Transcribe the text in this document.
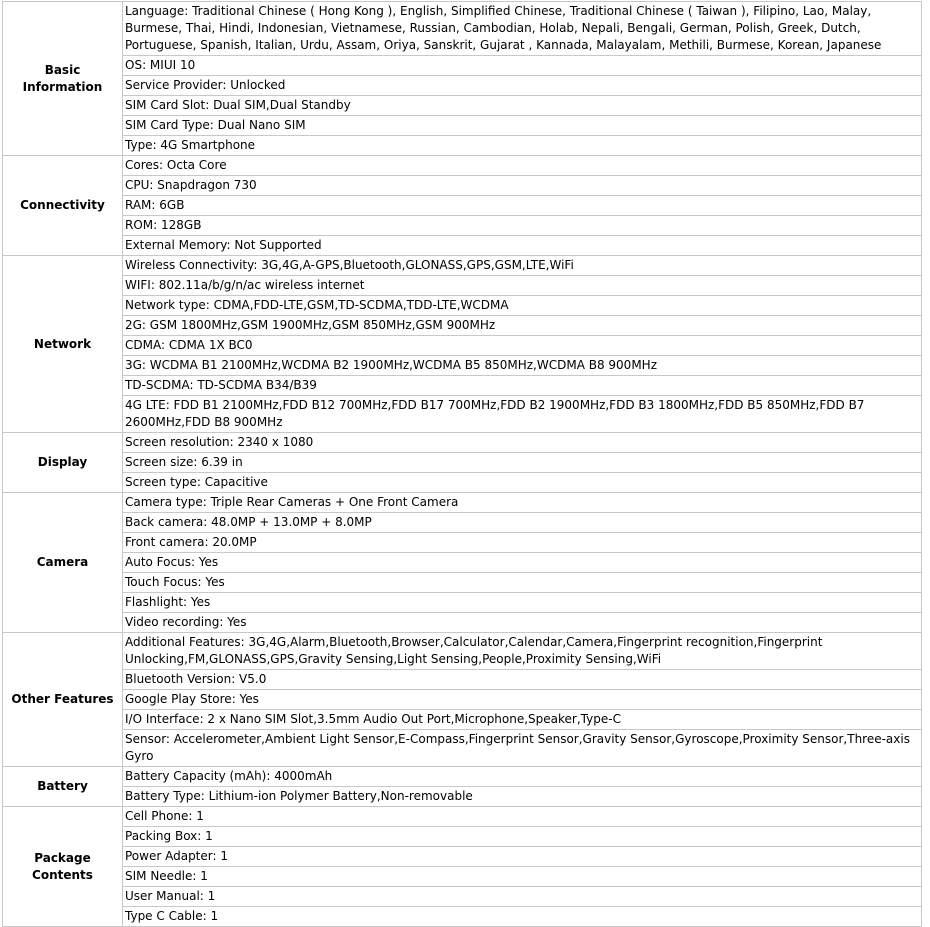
Basic Information	Language: Traditional Chinese ( Hong Kong ), English, Simplified Chinese, Traditional Chinese ( Taiwan ), Filipino, Lao, Malay, Burmese, Thai, Hindi, Indonesian, Vietnamese, Russian, Cambodian, Holab, Nepali, Bengali, German, Polish, Greek, Dutch, Portuguese, Spanish, Italian, Urdu, Assam, Oriya, Sanskrit, Gujarat , Kannada, Malayalam, Methili, Burmese, Korean, Japanese
	OS: MIUI 10
	Service Provider: Unlocked
	SIM Card Slot: Dual SIM,Dual Standby
	SIM Card Type: Dual Nano SIM
	Type: 4G Smartphone
Connectivity	Cores: Octa Core
	CPU: Snapdragon 730
	RAM: 6GB
	ROM: 128GB
	External Memory: Not Supported
Network	Wireless Connectivity: 3G,4G,A-GPS,Bluetooth,GLONASS,GPS,GSM,LTE,WiFi
	WIFI: 802.11a/b/g/n/ac wireless internet
	Network type: CDMA,FDD-LTE,GSM,TD-SCDMA,TDD-LTE,WCDMA
	2G: GSM 1800MHz,GSM 1900MHz,GSM 850MHz,GSM 900MHz
	CDMA: CDMA 1X BC0
	3G: WCDMA B1 2100MHz,WCDMA B2 1900MHz,WCDMA B5 850MHz,WCDMA B8 900MHz
	TD-SCDMA: TD-SCDMA B34/B39
	4G LTE: FDD B1 2100MHz,FDD B12 700MHz,FDD B17 700MHz,FDD B2 1900MHz,FDD B3 1800MHz,FDD B5 850MHz,FDD B7 2600MHz,FDD B8 900MHz
Display	Screen resolution: 2340 x 1080
	Screen size: 6.39 in
	Screen type: Capacitive
Camera	Camera type: Triple Rear Cameras + One Front Camera
	Back camera: 48.0MP + 13.0MP + 8.0MP
	Front camera: 20.0MP
	Auto Focus: Yes
	Touch Focus: Yes
	Flashlight: Yes
	Video recording: Yes
Other Features	Additional Features: 3G,4G,Alarm,Bluetooth,Browser,Calculator,Calendar,Camera,Fingerprint recognition,Fingerprint Unlocking,FM,GLONASS,GPS,Gravity Sensing,Light Sensing,People,Proximity Sensing,WiFi
	Bluetooth Version: V5.0
	Google Play Store: Yes
	I/O Interface: 2 x Nano SIM Slot,3.5mm Audio Out Port,Microphone,Speaker,Type-C
	Sensor: Accelerometer,Ambient Light Sensor,E-Compass,Fingerprint Sensor,Gravity Sensor,Gyroscope,Proximity Sensor,Three-axis Gyro
Battery	Battery Capacity (mAh): 4000mAh
	Battery Type: Lithium-ion Polymer Battery,Non-removable
Package Contents	Cell Phone: 1
	Packing Box: 1
	Power Adapter: 1
	SIM Needle: 1
	User Manual: 1
	Type C Cable: 1
